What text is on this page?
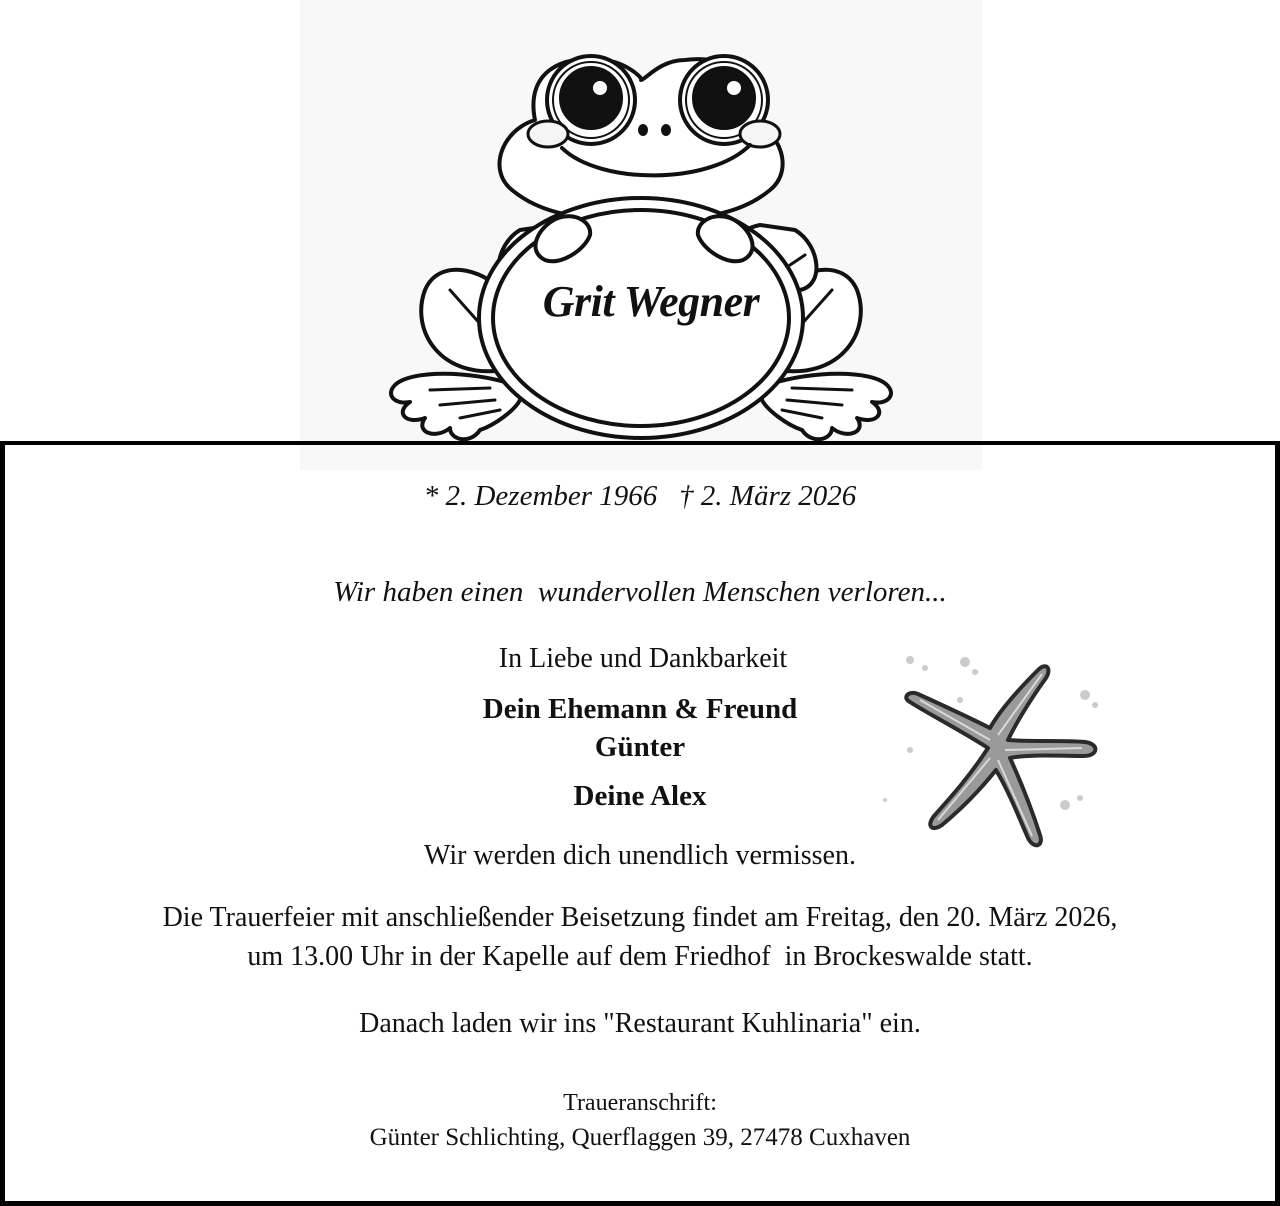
Grit Wegner
* 2. Dezember 1966   † 2. März 2026
Wir haben einen  wundervollen Menschen verloren...
In Liebe und Dankbarkeit
Dein Ehemann & Freund
Günter
Deine Alex
Wir werden dich unendlich vermissen.
Die Trauerfeier mit anschließender Beisetzung findet am Freitag, den 20. März 2026,
um 13.00 Uhr in der Kapelle auf dem Friedhof  in Brockeswalde statt.
Danach laden wir ins "Restaurant Kuhlinaria" ein.
Traueranschrift:
Günter Schlichting, Querflaggen 39, 27478 Cuxhaven
